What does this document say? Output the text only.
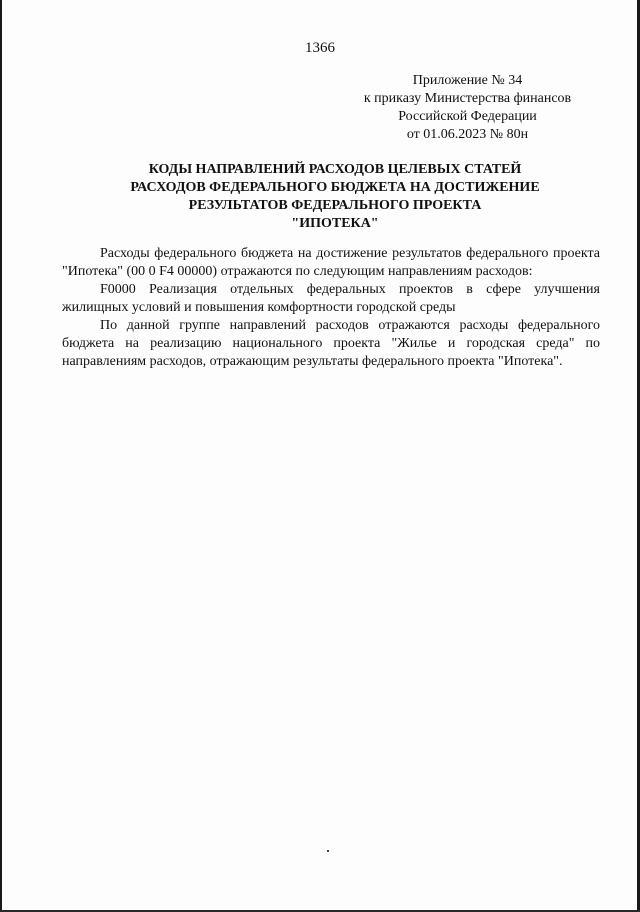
1366
Приложение № 34
к приказу Министерства финансов
Российской Федерации
от 01.06.2023 № 80н
КОДЫ НАПРАВЛЕНИЙ РАСХОДОВ ЦЕЛЕВЫХ СТАТЕЙ
РАСХОДОВ ФЕДЕРАЛЬНОГО БЮДЖЕТА НА ДОСТИЖЕНИЕ
РЕЗУЛЬТАТОВ ФЕДЕРАЛЬНОГО ПРОЕКТА
"ИПОТЕКА"

Расходы федерального бюджета на достижение результатов федерального проекта "Ипотека" (00 0 F4 00000) отражаются по следующим направлениям расходов:

F0000 Реализация отдельных федеральных проектов в сфере улучшения жилищных условий и повышения комфортности городской среды

По данной группе направлений расходов отражаются расходы федерального бюджета на реализацию национального проекта "Жилье и городская среда" по направлениям расходов, отражающим результаты федерального проекта "Ипотека".
